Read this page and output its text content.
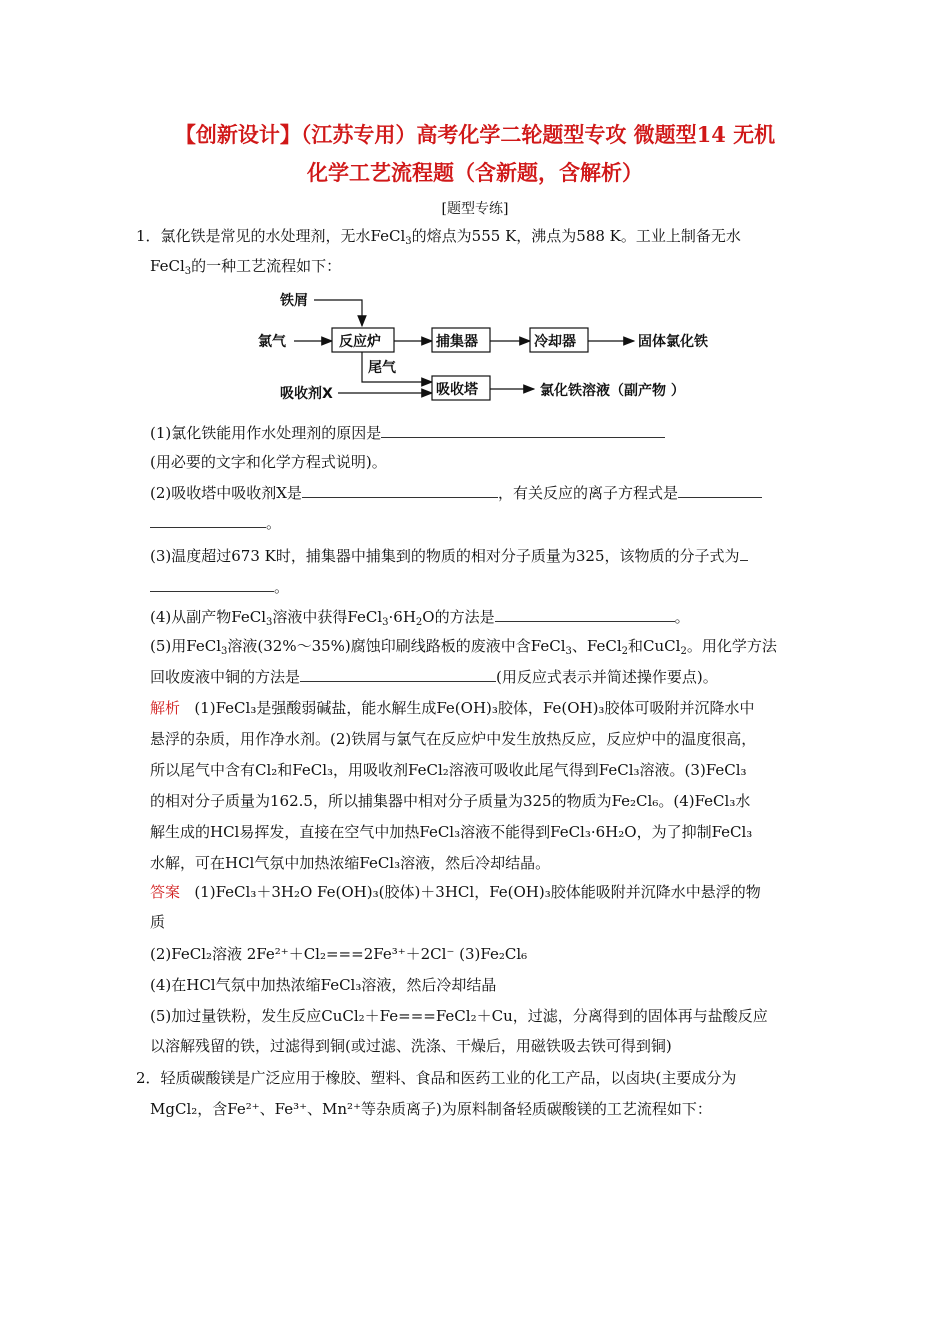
【创新设计】（江苏专用）高考化学二轮题型专攻 微题型14 无机
化学工艺流程题（含新题，含解析）
[题型专练]
1．氯化铁是常见的水处理剂，无水FeCl$_3$的熔点为555 K，沸点为588 K。工业上制备无水
FeCl$_3$的一种工艺流程如下：
铁屑
氯气	反应炉	捕集器	冷却器	固体氯化铁
尾气
吸收剂X	吸收塔	氯化铁溶液（副产物 ）
(1)氯化铁能用作水处理剂的原因是
(用必要的文字和化学方程式说明)。
(2)吸收塔中吸收剂X是	，有关反应的离子方程式是
。
(3)温度超过673 K时，捕集器中捕集到的物质的相对分子质量为325，该物质的分子式为
。
(4)从副产物FeCl$_3$溶液中获得$FeCl_3\cdot 6H_2O$的方法是	。
(5)用FeCl$_3$溶液(32%～35%)腐蚀印刷线路板的废液中含FeCl$_3$、FeCl$_2$和CuCl$_2$。用化学方法
回收废液中铜的方法是	(用反应式表示并简述操作要点)。
解析 (1)FeCl₃是强酸弱碱盐，能水解生成Fe(OH)₃胶体，Fe(OH)₃胶体可吸附并沉降水中
悬浮的杂质，用作净水剂。(2)铁屑与氯气在反应炉中发生放热反应，反应炉中的温度很高，
所以尾气中含有Cl₂和FeCl₃，用吸收剂FeCl₂溶液可吸收此尾气得到FeCl₃溶液。(3)FeCl₃
的相对分子质量为162.5，所以捕集器中相对分子质量为325的物质为Fe₂Cl₆。(4)FeCl₃水
解生成的HCl易挥发，直接在空气中加热FeCl₃溶液不能得到FeCl₃·6H₂O，为了抑制FeCl₃
水解，可在HCl气氛中加热浓缩FeCl₃溶液，然后冷却结晶。
答案 (1)FeCl₃＋3H₂O Fe(OH)₃(胶体)＋3HCl，Fe(OH)₃胶体能吸附并沉降水中悬浮的物
质
(2)FeCl₂溶液 2Fe²⁺＋Cl₂===2Fe³⁺＋2Cl⁻ (3)Fe₂Cl₆
(4)在HCl气氛中加热浓缩FeCl₃溶液，然后冷却结晶
(5)加过量铁粉，发生反应CuCl₂＋Fe===FeCl₂＋Cu，过滤，分离得到的固体再与盐酸反应
以溶解残留的铁，过滤得到铜(或过滤、洗涤、干燥后，用磁铁吸去铁可得到铜)
2．轻质碳酸镁是广泛应用于橡胶、塑料、食品和医药工业的化工产品，以卤块(主要成分为
MgCl₂，含Fe²⁺、Fe³⁺、Mn²⁺等杂质离子)为原料制备轻质碳酸镁的工艺流程如下：
